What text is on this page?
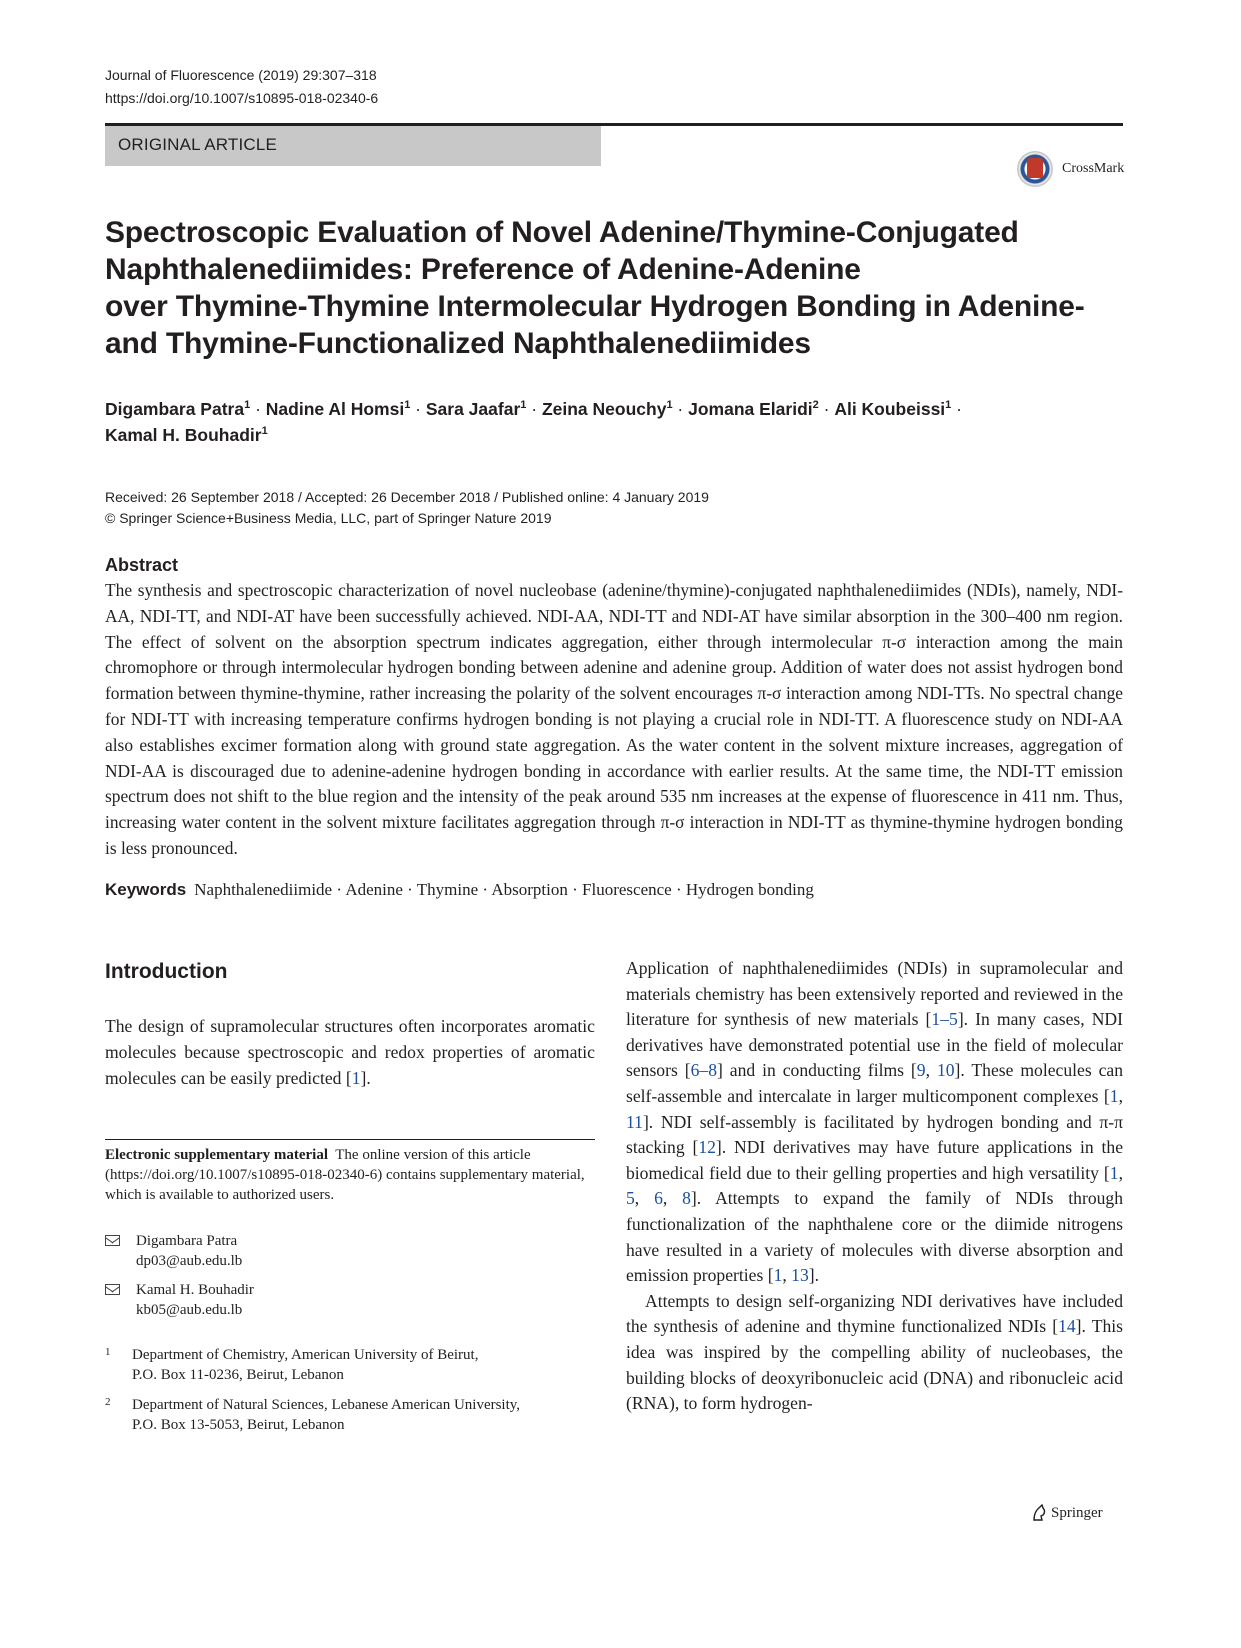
Journal of Fluorescence (2019) 29:307–318
https://doi.org/10.1007/s10895-018-02340-6
ORIGINAL ARTICLE
CrossMark
Spectroscopic Evaluation of Novel Adenine/Thymine-Conjugated
Naphthalenediimides: Preference of Adenine-Adenine
over Thymine-Thymine Intermolecular Hydrogen Bonding in Adenine-
and Thymine-Functionalized Naphthalenediimides
Digambara Patra$^1$ · Nadine Al Homsi$^1$ · Sara Jaafar$^1$ · Zeina Neouchy$^1$ · Jomana Elaridi$^2$ · Ali Koubeissi$^1$ ·
Kamal H. Bouhadir$^1$
Received: 26 September 2018 / Accepted: 26 December 2018 / Published online: 4 January 2019
© Springer Science+Business Media, LLC, part of Springer Nature 2019
Abstract
The synthesis and spectroscopic characterization of novel nucleobase (adenine/thymine)-conjugated naphthalenediimides (NDIs), namely, NDI-AA, NDI-TT, and NDI-AT have been successfully achieved. NDI-AA, NDI-TT and NDI-AT have similar absorption in the 300–400 nm region. The effect of solvent on the absorption spectrum indicates aggregation, either through intermolecular π-σ interaction among the main chromophore or through intermolecular hydrogen bonding between adenine and adenine group. Addition of water does not assist hydrogen bond formation between thymine-thymine, rather increasing the polarity of the solvent encourages π-σ interaction among NDI-TTs. No spectral change for NDI-TT with increasing temperature confirms hydrogen bonding is not playing a crucial role in NDI-TT. A fluorescence study on NDI-AA also establishes excimer formation along with ground state aggregation. As the water content in the solvent mixture increases, aggregation of NDI-AA is discouraged due to adenine-adenine hydrogen bonding in accordance with earlier results. At the same time, the NDI-TT emission spectrum does not shift to the blue region and the intensity of the peak around 535 nm increases at the expense of fluorescence in 411 nm. Thus, increasing water content in the solvent mixture facilitates aggregation through π-σ interaction in NDI-TT as thymine-thymine hydrogen bonding is less pronounced.
Keywords Naphthalenediimide · Adenine · Thymine · Absorption · Fluorescence · Hydrogen bonding
Introduction
The design of supramolecular structures often incorporates aromatic molecules because spectroscopic and redox properties of aromatic molecules can be easily predicted [1].

Application of naphthalenediimides (NDIs) in supramolecular and materials chemistry has been extensively reported and reviewed in the literature for synthesis of new materials [1–5]. In many cases, NDI derivatives have demonstrated potential use in the field of molecular sensors [6–8] and in conducting films [9, 10]. These molecules can self-assemble and intercalate in larger multicomponent complexes [1, 11]. NDI self-assembly is facilitated by hydrogen bonding and π-π stacking [12]. NDI derivatives may have future applications in the biomedical field due to their gelling properties and high versatility [1, 5, 6, 8]. Attempts to expand the family of NDIs through functionalization of the naphthalene core or the diimide nitrogens have resulted in a variety of molecules with diverse absorption and emission properties [1, 13].

Attempts to design self-organizing NDI derivatives have included the synthesis of adenine and thymine functionalized NDIs [14]. This idea was inspired by the compelling ability of nucleobases, the building blocks of deoxyribonucleic acid (DNA) and ribonucleic acid (RNA), to form hydrogen-

Electronic supplementary material The online version of this article (https://doi.org/10.1007/s10895-018-02340-6) contains supplementary material, which is available to authorized users.
Digambara Patra
dp03@aub.edu.lb
Kamal H. Bouhadir
kb05@aub.edu.lb
1 Department of Chemistry, American University of Beirut,
P.O. Box 11-0236, Beirut, Lebanon
2 Department of Natural Sciences, Lebanese American University,
P.O. Box 13-5053, Beirut, Lebanon
Springer
